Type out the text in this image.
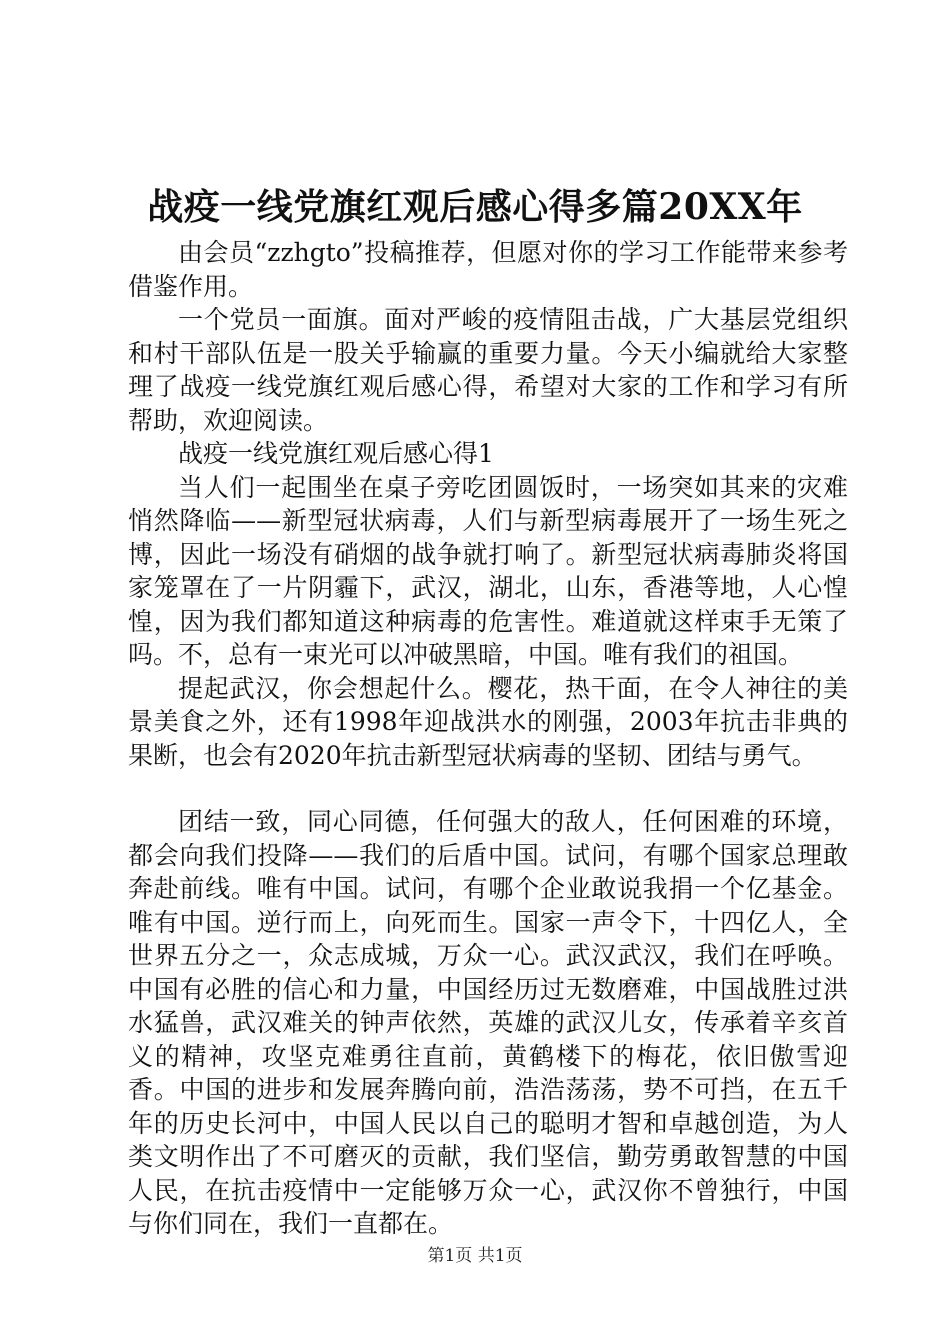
战疫一线党旗红观后感心得多篇20XX年

由会员“zzhgto”投稿推荐，但愿对你的学习工作能带来参考借鉴作用。

一个党员一面旗。面对严峻的疫情阻击战，广大基层党组织和村干部队伍是一股关乎输赢的重要力量。今天小编就给大家整理了战疫一线党旗红观后感心得，希望对大家的工作和学习有所帮助，欢迎阅读。

战疫一线党旗红观后感心得1

当人们一起围坐在桌子旁吃团圆饭时，一场突如其来的灾难悄然降临——新型冠状病毒，人们与新型病毒展开了一场生死之博，因此一场没有硝烟的战争就打响了。新型冠状病毒肺炎将国家笼罩在了一片阴霾下，武汉，湖北，山东，香港等地，人心惶惶，因为我们都知道这种病毒的危害性。难道就这样束手无策了吗。不，总有一束光可以冲破黑暗，中国。唯有我们的祖国。

提起武汉，你会想起什么。樱花，热干面，在令人神往的美景美食之外，还有1998年迎战洪水的刚强，2003年抗击非典的果断，也会有2020年抗击新型冠状病毒的坚韧、团结与勇气。

团结一致，同心同德，任何强大的敌人，任何困难的环境，都会向我们投降——我们的后盾中国。试问，有哪个国家总理敢奔赴前线。唯有中国。试问，有哪个企业敢说我捐一个亿基金。唯有中国。逆行而上，向死而生。国家一声令下，十四亿人，全世界五分之一，众志成城，万众一心。武汉武汉，我们在呼唤。中国有必胜的信心和力量，中国经历过无数磨难，中国战胜过洪水猛兽，武汉难关的钟声依然，英雄的武汉儿女，传承着辛亥首义的精神，攻坚克难勇往直前，黄鹤楼下的梅花，依旧傲雪迎香。中国的进步和发展奔腾向前，浩浩荡荡，势不可挡，在五千年的历史长河中，中国人民以自己的聪明才智和卓越创造，为人类文明作出了不可磨灭的贡献，我们坚信，勤劳勇敢智慧的中国人民，在抗击疫情中一定能够万众一心，武汉你不曾独行，中国与你们同在，我们一直都在。

第1页 共1页
